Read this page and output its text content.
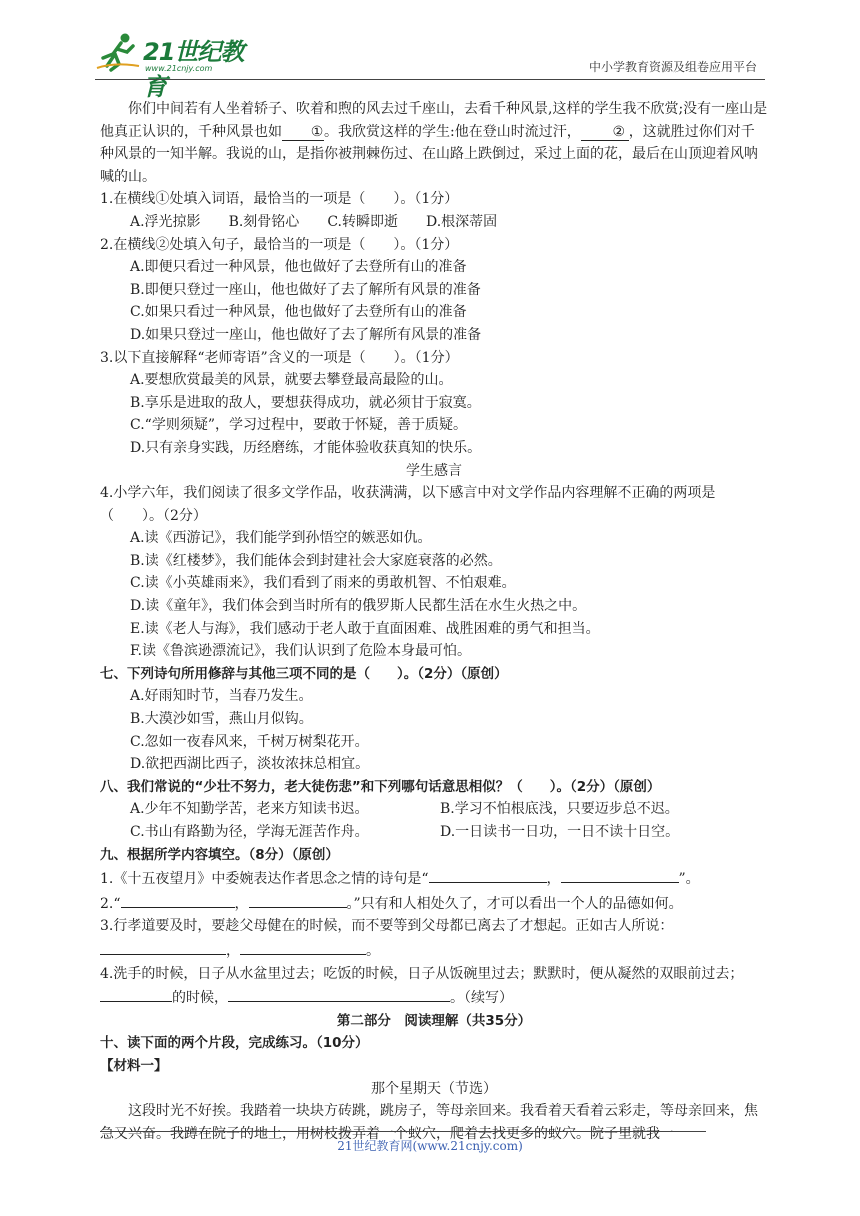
21世纪教育
www.21cnjy.com	中小学教育资源及组卷应用平台

你们中间若有人坐着轿子、吹着和煦的风去过千座山，去看千种风景,这样的学生我不欣赏;没有一座山是他真正认识的，千种风景也如 ①。我欣赏这样的学生:他在登山时流过汗， ② ，这就胜过你们对千种风景的一知半解。我说的山，是指你被荆棘伤过、在山路上跌倒过，采过上面的花，最后在山顶迎着风呐喊的山。

1.在横线①处填入词语，最恰当的一项是（　　）。（1分）

A.浮光掠影   B.刻骨铭心   C.转瞬即逝   D.根深蒂固

2.在横线②处填入句子，最恰当的一项是（　　）。（1分）

A.即便只看过一种风景，他也做好了去登所有山的准备

B.即便只登过一座山，他也做好了去了解所有风景的准备

C.如果只看过一种风景，他也做好了去登所有山的准备

D.如果只登过一座山，他也做好了去了解所有风景的准备

3.以下直接解释“老师寄语”含义的一项是（　　）。（1分）

A.要想欣赏最美的风景，就要去攀登最高最险的山。

B.享乐是进取的敌人，要想获得成功，就必须甘于寂寞。

C.“学则须疑”，学习过程中，要敢于怀疑，善于质疑。

D.只有亲身实践，历经磨练，才能体验收获真知的快乐。

学生感言

4.小学六年，我们阅读了很多文学作品，收获满满，以下感言中对文学作品内容理解不正确的两项是（　　）。（2分）

A.读《西游记》，我们能学到孙悟空的嫉恶如仇。

B.读《红楼梦》，我们能体会到封建社会大家庭衰落的必然。

C.读《小英雄雨来》，我们看到了雨来的勇敢机智、不怕艰难。

D.读《童年》，我们体会到当时所有的俄罗斯人民都生活在水生火热之中。

E.读《老人与海》，我们感动于老人敢于直面困难、战胜困难的勇气和担当。

F.读《鲁滨逊漂流记》，我们认识到了危险本身最可怕。

七、下列诗句所用修辞与其他三项不同的是（　　）。（2分）（原创）

A.好雨知时节，当春乃发生。

B.大漠沙如雪，燕山月似钩。

C.忽如一夜春风来，千树万树梨花开。

D.欲把西湖比西子，淡妆浓抹总相宜。

八、我们常说的“少壮不努力，老大徒伤悲”和下列哪句话意思相似？（　　）。（2分）（原创）

A.少年不知勤学苦，老来方知读书迟。	B.学习不怕根底浅，只要迈步总不迟。
C.书山有路勤为径，学海无涯苦作舟。	D.一日读书一日功，一日不读十日空。

九、根据所学内容填空。（8分）（原创）

1.《十五夜望月》中委婉表达作者思念之情的诗句是“	，	”。

2.“	，	。”只有和人相处久了，才可以看出一个人的品德如何。

3.行孝道要及时，要趁父母健在的时候，而不要等到父母都已离去了才想起。正如古人所说：

，	。

4.洗手的时候，日子从水盆里过去；吃饭的时候，日子从饭碗里过去；默默时，便从凝然的双眼前过去；的时候，	。（续写）

第二部分　阅读理解（共35分）

十、读下面的两个片段，完成练习。（10分）

【材料一】

那个星期天（节选）

这段时光不好挨。我踏着一块块方砖跳，跳房子，等母亲回来。我看着天看着云彩走，等母亲回来，焦急又兴奋。我蹲在院子的地上，用树枝拨弄着一个蚁穴，爬着去找更多的蚁穴。院子里就我一

21世纪教育网(www.21cnjy.com)
